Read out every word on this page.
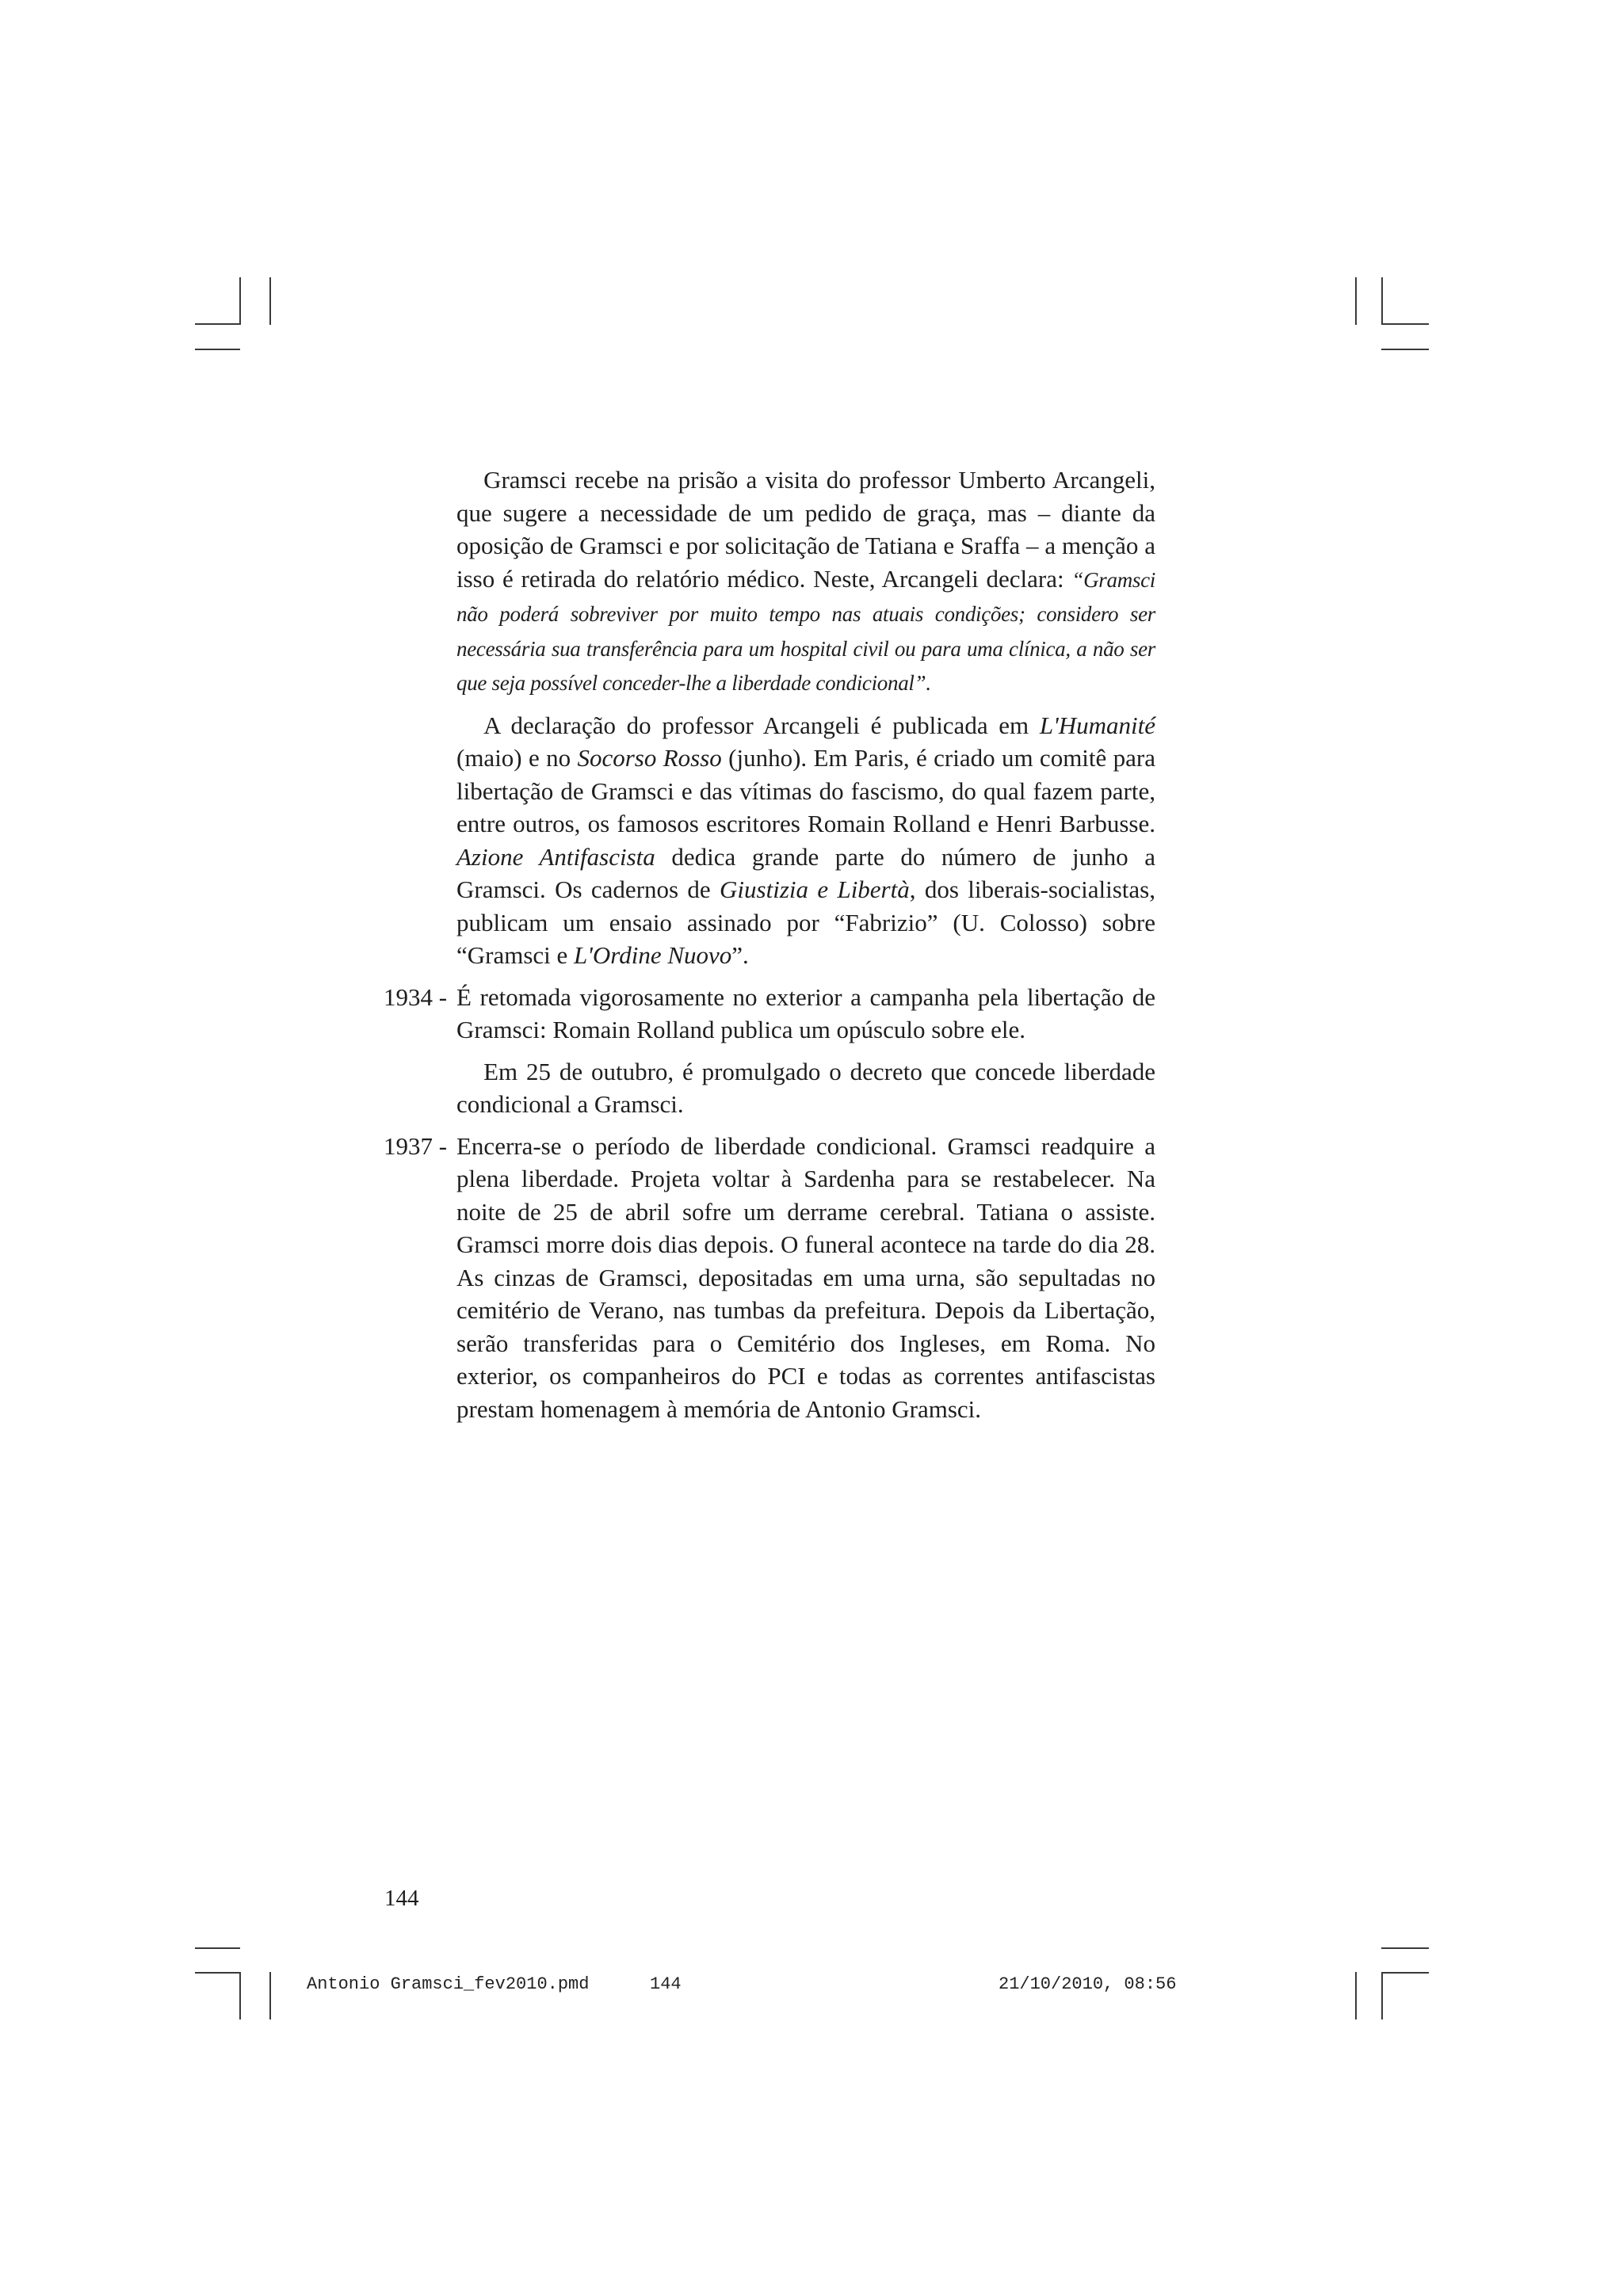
Gramsci recebe na prisão a visita do professor Umberto Arcangeli, que sugere a necessidade de um pedido de graça, mas – diante da oposição de Gramsci e por solicitação de Tatiana e Sraffa – a menção a isso é retirada do relatório médico. Neste, Arcangeli declara: “Gramsci não poderá sobreviver por muito tempo nas atuais condições; considero ser necessária sua transferência para um hospital civil ou para uma clínica, a não ser que seja possível conceder-lhe a liberdade condicional”.

A declaração do professor Arcangeli é publicada em L'Humanité (maio) e no Socorso Rosso (junho). Em Paris, é criado um comitê para libertação de Gramsci e das vítimas do fascismo, do qual fazem parte, entre outros, os famosos escritores Romain Rolland e Henri Barbusse. Azione Antifascista dedica grande parte do número de junho a Gramsci. Os cadernos de Giustizia e Libertà, dos liberais-socialistas, publicam um ensaio assinado por “Fabrizio” (U. Colosso) sobre “Gramsci e L'Ordine Nuovo”.

1934 - É retomada vigorosamente no exterior a campanha pela libertação de Gramsci: Romain Rolland publica um opúsculo sobre ele.

Em 25 de outubro, é promulgado o decreto que concede liberdade condicional a Gramsci.

1937 - Encerra-se o período de liberdade condicional. Gramsci readquire a plena liberdade. Projeta voltar à Sardenha para se restabelecer. Na noite de 25 de abril sofre um derrame cerebral. Tatiana o assiste. Gramsci morre dois dias depois. O funeral acontece na tarde do dia 28. As cinzas de Gramsci, depositadas em uma urna, são sepultadas no cemitério de Verano, nas tumbas da prefeitura. Depois da Libertação, serão transferidas para o Cemitério dos Ingleses, em Roma. No exterior, os companheiros do PCI e todas as correntes antifascistas prestam homenagem à memória de Antonio Gramsci.

144
Antonio Gramsci_fev2010.pmd	144	21/10/2010, 08:56
